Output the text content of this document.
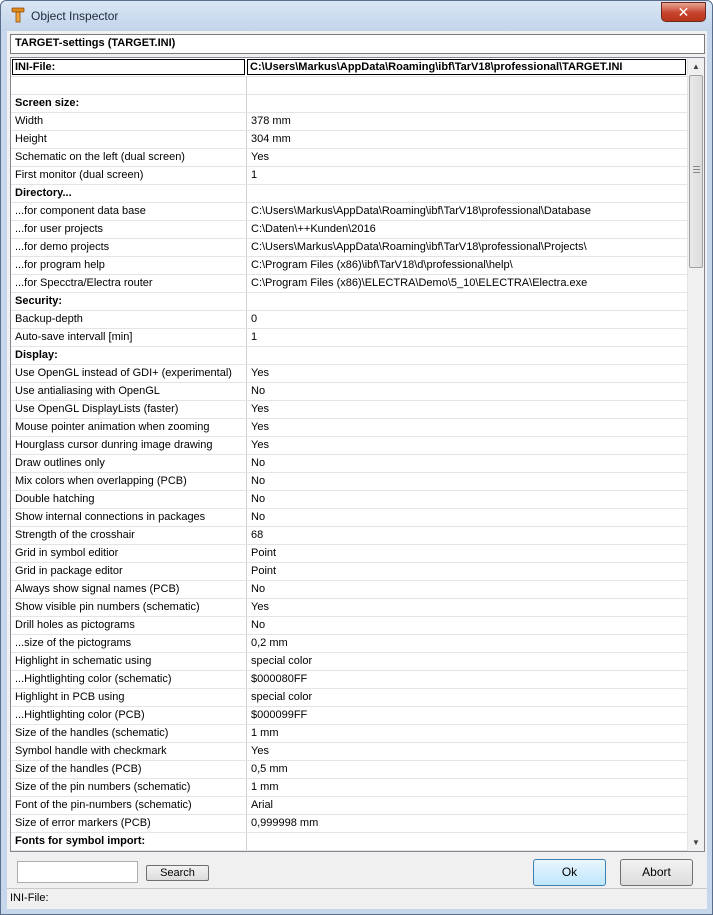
Object Inspector	✕
TARGET-settings (TARGET.INI)
INI-File:	C:\Users\Markus\AppData\Roaming\ibf\TarV18\professional\TARGET.INI
Screen size:
Width	378 mm
Height	304 mm
Schematic on the left (dual screen)	Yes
First monitor (dual screen)	1
Directory...
...for component data base	C:\Users\Markus\AppData\Roaming\ibf\TarV18\professional\Database
...for user projects	C:\Daten\++Kunden\2016
...for demo projects	C:\Users\Markus\AppData\Roaming\ibf\TarV18\professional\Projects\
...for program help	C:\Program Files (x86)\ibf\TarV18\d\professional\help\
...for Specctra/Electra router	C:\Program Files (x86)\ELECTRA\Demo\5_10\ELECTRA\Electra.exe
Security:
Backup-depth	0
Auto-save intervall [min]	1
Display:
Use OpenGL instead of GDI+ (experimental)	Yes
Use antialiasing with OpenGL	No
Use OpenGL DisplayLists (faster)	Yes
Mouse pointer animation when zooming	Yes
Hourglass cursor dunring image drawing	Yes
Draw outlines only	No
Mix colors when overlapping (PCB)	No
Double hatching	No
Show internal connections in packages	No
Strength of the crosshair	68
Grid in symbol editior	Point
Grid in package editor	Point
Always show signal names (PCB)	No
Show visible pin numbers (schematic)	Yes
Drill holes as pictograms	No
...size of the pictograms	0,2 mm
Highlight in schematic using	special color
...Hightlighting color (schematic)	$000080FF
Highlight in PCB using	special color
...Hightlighting color (PCB)	$000099FF
Size of the handles (schematic)	1 mm
Symbol handle with checkmark	Yes
Size of the handles (PCB)	0,5 mm
Size of the pin numbers (schematic)	1 mm
Font of the pin-numbers (schematic)	Arial
Size of error markers (PCB)	0,999998 mm
Fonts for symbol import:
▲
▼
Search	Ok	Abort
INI-File:
